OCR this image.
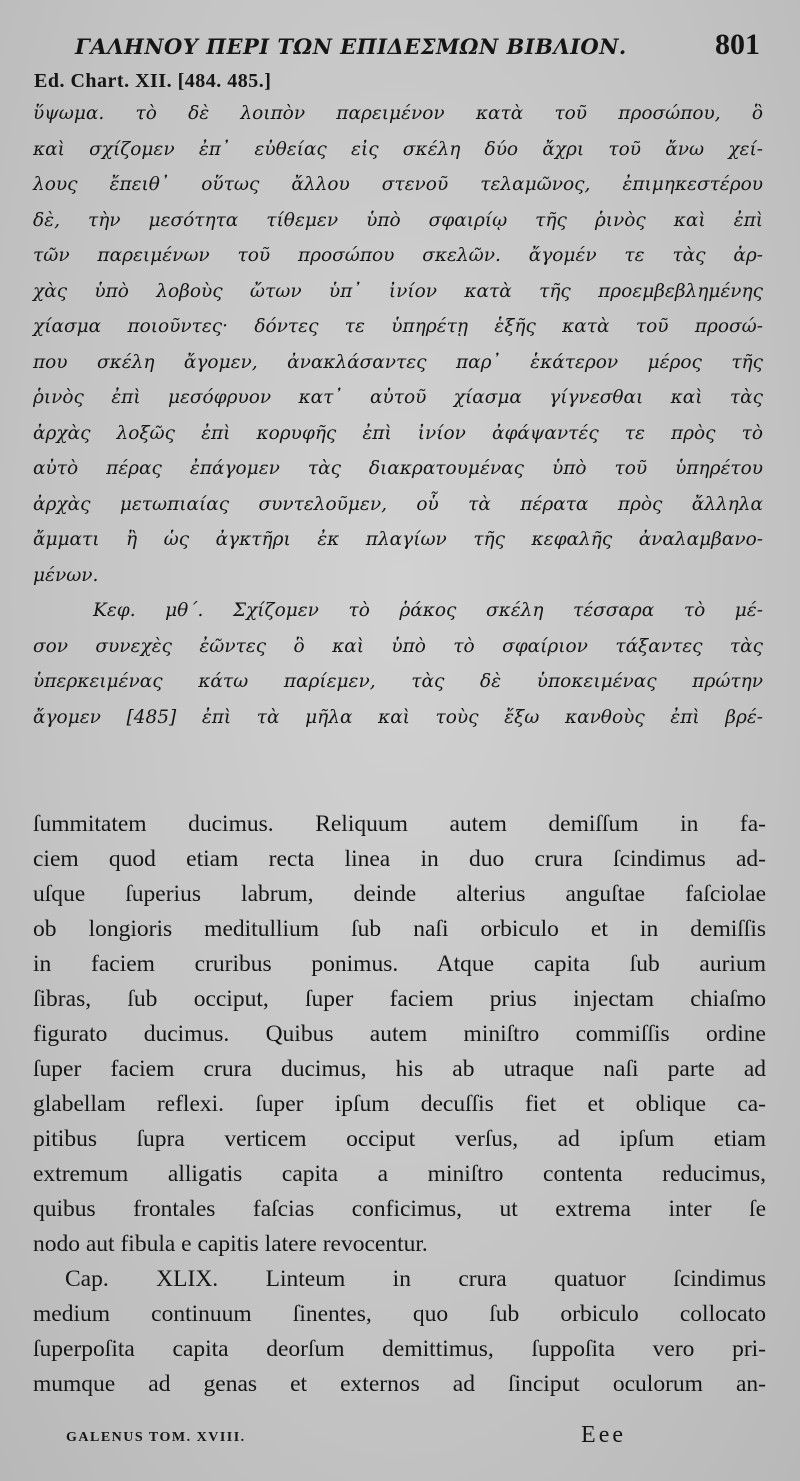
ΓΑΛΗΝΟΥ ΠΕΡΙ ΤΩΝ ΕΠΙΔΕΣΜΩΝ ΒΙΒΛΙΟΝ.	801
Ed. Chart. XII. [484. 485.]
ὕψωμα. τὸ δὲ λοιπὸν παρειμένον κατὰ τοῦ προσώπου, ὃ
καὶ σχίζομεν ἐπ᾽ εὐθείας εἰς σκέλη δύο ἄχρι τοῦ ἄνω χεί-
λους ἔπειθ᾽ οὕτως ἄλλου στενοῦ τελαμῶνος, ἐπιμηκεστέρου
δὲ, τὴν μεσότητα τίθεμεν ὑπὸ σφαιρίῳ τῆς ῥινὸς καὶ ἐπὶ
τῶν παρειμένων τοῦ προσώπου σκελῶν. ἄγομέν τε τὰς ἀρ-
χὰς ὑπὸ λοβοὺς ὤτων ὑπ᾽ ἰνίον κατὰ τῆς προεμβεβλημένης
χίασμα ποιοῦντες· δόντες τε ὑπηρέτῃ ἑξῆς κατὰ τοῦ προσώ-
που σκέλη ἄγομεν, ἀνακλάσαντες παρ᾽ ἑκάτερον μέρος τῆς
ῥινὸς ἐπὶ μεσόφρυον κατ᾽ αὐτοῦ χίασμα γίγνεσθαι καὶ τὰς
ἀρχὰς λοξῶς ἐπὶ κορυφῆς ἐπὶ ἰνίον ἀφάψαντές τε πρὸς τὸ
αὐτὸ πέρας ἐπάγομεν τὰς διακρατουμένας ὑπὸ τοῦ ὑπηρέτου
ἀρχὰς μετωπιαίας συντελοῦμεν, οὗ τὰ πέρατα πρὸς ἄλληλα
ἄμματι ἢ ὡς ἀγκτῆρι ἐκ πλαγίων τῆς κεφαλῆς ἀναλαμβανο-
μένων.
Κεφ. μθ΄. Σχίζομεν τὸ ῥάκος σκέλη τέσσαρα τὸ μέ-
σον συνεχὲς ἐῶντες ὃ καὶ ὑπὸ τὸ σφαίριον τάξαντες τὰς
ὑπερκειμένας κάτω παρίεμεν, τὰς δὲ ὑποκειμένας πρώτην
ἄγομεν [485] ἐπὶ τὰ μῆλα καὶ τοὺς ἔξω κανθοὺς ἐπὶ βρέ-
ſummitatem ducimus. Reliquum autem demiſſum in fa-
ciem quod etiam recta linea in duo crura ſcindimus ad-
uſque ſuperius labrum, deinde alterius anguſtae faſciolae
ob longioris meditullium ſub naſi orbiculo et in demiſſis
in faciem cruribus ponimus. Atque capita ſub aurium
ſibras, ſub occiput, ſuper faciem prius injectam chiaſmo
figurato ducimus. Quibus autem miniſtro commiſſis ordine
ſuper faciem crura ducimus, his ab utraque naſi parte ad
glabellam reflexi. ſuper ipſum decuſſis fiet et oblique ca-
pitibus ſupra verticem occiput verſus, ad ipſum etiam
extremum alligatis capita a miniſtro contenta reducimus,
quibus frontales faſcias conficimus, ut extrema inter ſe
nodo aut fibula e capitis latere revocentur.
Cap. XLIX. Linteum in crura quatuor ſcindimus
medium continuum ſinentes, quo ſub orbiculo collocato
ſuperpoſita capita deorſum demittimus, ſuppoſita vero pri-
mumque ad genas et externos ad ſinciput oculorum an-
GALENUS TOM. XVIII.	Eee
